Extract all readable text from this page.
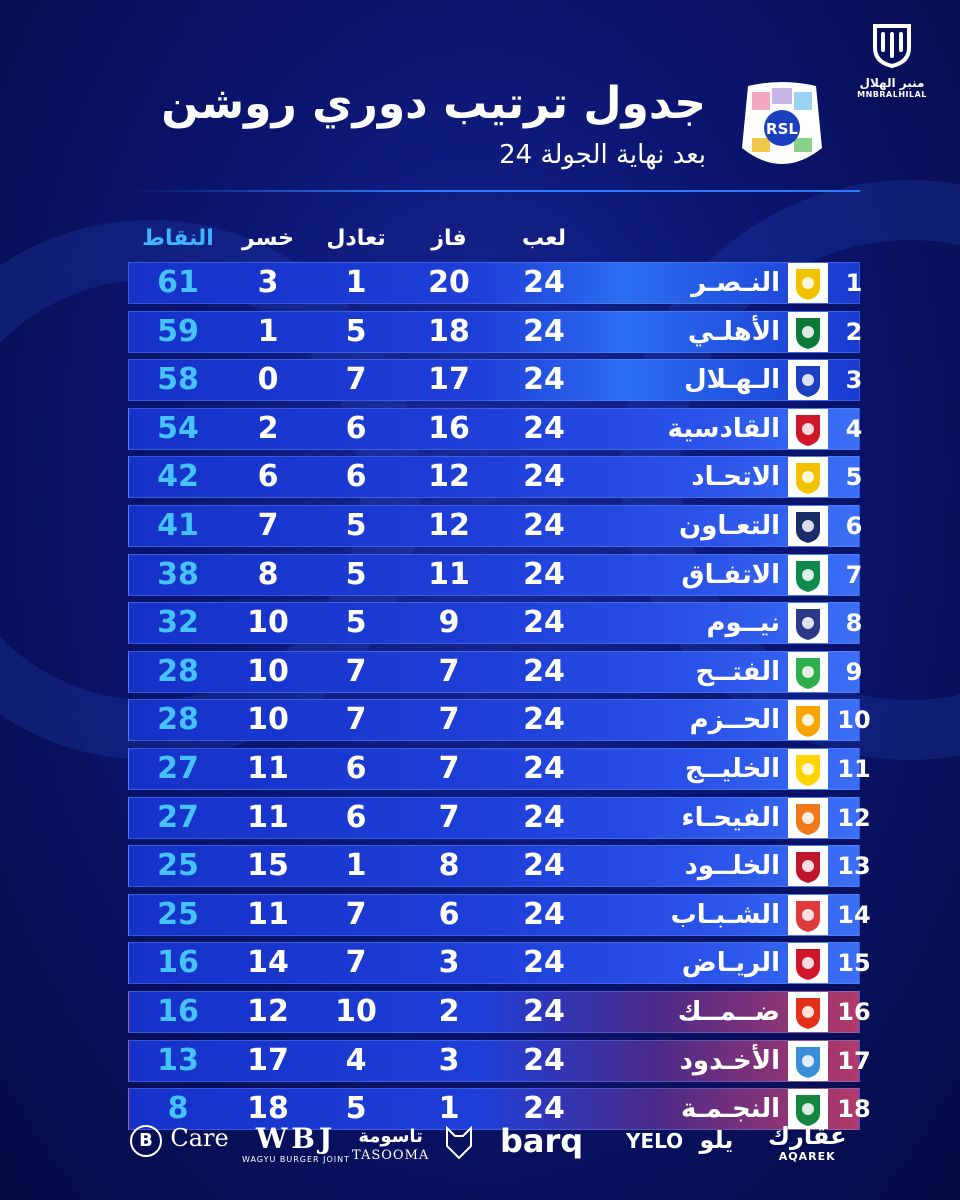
منبر الهلال
MNBRALHILAL
RSL
جدول ترتيب دوري روشن
بعد نهاية الجولة 24
لعب
فاز
تعادل
خسر
النقاط
1
النـصـر
24
20
1
3
61
2
الأهلـي
24
18
5
1
59
3
الـهـلال
24
17
7
0
58
4
القادسية
24
16
6
2
54
5
الاتحـاد
24
12
6
6
42
6
التعـاون
24
12
5
7
41
7
الاتفـاق
24
11
5
8
38
8
نيــوم
24
9
5
10
32
9
الفتــح
24
7
7
10
28
10
الحــزم
24
7
7
10
28
11
الخليــج
24
7
6
11
27
12
الفيحـاء
24
7
6
11
27
13
الخلــود
24
8
1
15
25
14
الشـبـاب
24
6
7
11
25
15
الريـاض
24
3
7
14
16
16
ضــمــك
24
2
10
12
16
17
الأخـدود
24
3
4
17
13
18
النجـمـة
24
1
5
18
8
عقارك
AQAREK
YELO يلو
barq
تاسومة
TASOOMA
WBJ
WAGYU BURGER JOINT
B Care
